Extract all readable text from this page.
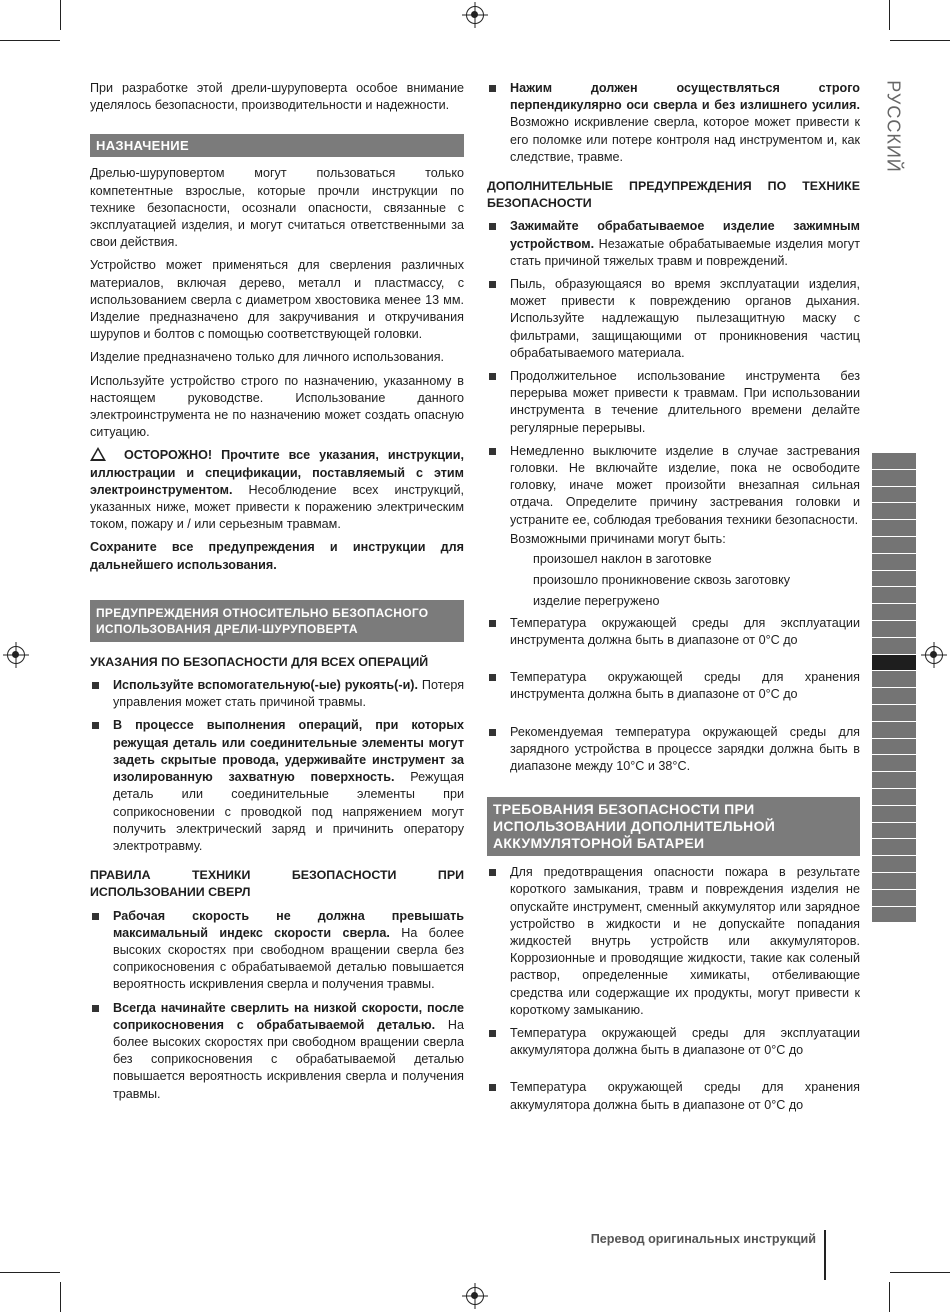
РУССКИЙ

При разработке этой дрели-шуруповерта особое внимание уделялось безопасности, производительности и надежности.

НАЗНАЧЕНИЕ

Дрелью-шуруповертом могут пользоваться только компетентные взрослые, которые прочли инструкции по технике безопасности, осознали опасности, связанные с эксплуатацией изделия, и могут считаться ответственными за свои действия.

Устройство может применяться для сверления различных материалов, включая дерево, металл и пластмассу, с использованием сверла с диаметром хвостовика менее 13 мм. Изделие предназначено для закручивания и откручивания шурупов и болтов с помощью соответствующей головки.

Изделие предназначено только для личного использования.

Используйте устройство строго по назначению, указанному в настоящем руководстве. Использование данного электроинструмента не по назначению может создать опасную ситуацию.

ОСТОРОЖНО! Прочтите все указания, инструкции, иллюстрации и спецификации, поставляемый с этим электроинструментом. Несоблюдение всех инструкций, указанных ниже, может привести к поражению электрическим током, пожару и / или серьезным травмам.

Сохраните все предупреждения и инструкции для дальнейшего использования.

ПРЕДУПРЕЖДЕНИЯ ОТНОСИТЕЛЬНО БЕЗОПАСНОГО ИСПОЛЬЗОВАНИЯ ДРЕЛИ-ШУРУПОВЕРТА
УКАЗАНИЯ ПО БЕЗОПАСНОСТИ ДЛЯ ВСЕХ ОПЕРАЦИЙ
Используйте вспомогательную(-ые) рукоять(-и). Потеря управления может стать причиной травмы.
В процессе выполнения операций, при которых режущая деталь или соединительные элементы могут задеть скрытые провода, удерживайте инструмент за изолированную захватную поверхность. Режущая деталь или соединительные элементы при соприкосновении с проводкой под напряжением могут получить электрический заряд и причинить оператору электротравму.
ПРАВИЛА ТЕХНИКИ БЕЗОПАСНОСТИ ПРИ ИСПОЛЬЗОВАНИИ СВЕРЛ
Рабочая скорость не должна превышать максимальный индекс скорости сверла. На более высоких скоростях при свободном вращении сверла без соприкосновения с обрабатываемой деталью повышается вероятность искривления сверла и получения травмы.
Всегда начинайте сверлить на низкой скорости, после соприкосновения с обрабатываемой деталью. На более высоких скоростях при свободном вращении сверла без соприкосновения с обрабатываемой деталью повышается вероятность искривления сверла и получения травмы.
Нажим должен осуществляться строго перпендикулярно оси сверла и без излишнего усилия. Возможно искривление сверла, которое может привести к его поломке или потере контроля над инструментом и, как следствие, травме.
ДОПОЛНИТЕЛЬНЫЕ ПРЕДУПРЕЖДЕНИЯ ПО ТЕХНИКЕ БЕЗОПАСНОСТИ
Зажимайте обрабатываемое изделие зажимным устройством. Незажатые обрабатываемые изделия могут стать причиной тяжелых травм и повреждений.
Пыль, образующаяся во время эксплуатации изделия, может привести к повреждению органов дыхания. Используйте надлежащую пылезащитную маску с фильтрами, защищающими от проникновения частиц обрабатываемого материала.
Продолжительное использование инструмента без перерыва может привести к травмам. При использовании инструмента в течение длительного времени делайте регулярные перерывы.
Немедленно выключите изделие в случае застревания головки. Не включайте изделие, пока не освободите головку, иначе может произойти внезапная сильная отдача. Определите причину застревания головки и устраните ее, соблюдая требования техники безопасности.
Возможными причинами могут быть:
произошел наклон в заготовке
произошло проникновение сквозь заготовку
изделие перегружено
Температура окружающей среды для эксплуатации инструмента должна быть в диапазоне от 0°C до
Температура окружающей среды для хранения инструмента должна быть в диапазоне от 0°C до
Рекомендуемая температура окружающей среды для зарядного устройства в процессе зарядки должна быть в диапазоне между 10°C и 38°C.
ТРЕБОВАНИЯ БЕЗОПАСНОСТИ ПРИ ИСПОЛЬЗОВАНИИ ДОПОЛНИТЕЛЬНОЙ АККУМУЛЯТОРНОЙ БАТАРЕИ
Для предотвращения опасности пожара в результате короткого замыкания, травм и повреждения изделия не опускайте инструмент, сменный аккумулятор или зарядное устройство в жидкости и не допускайте попадания жидкостей внутрь устройств или аккумуляторов. Коррозионные и проводящие жидкости, такие как соленый раствор, определенные химикаты, отбеливающие средства или содержащие их продукты, могут привести к короткому замыканию.
Температура окружающей среды для эксплуатации аккумулятора должна быть в диапазоне от 0°C до
Температура окружающей среды для хранения аккумулятора должна быть в диапазоне от 0°C до
Перевод оригинальных инструкций
